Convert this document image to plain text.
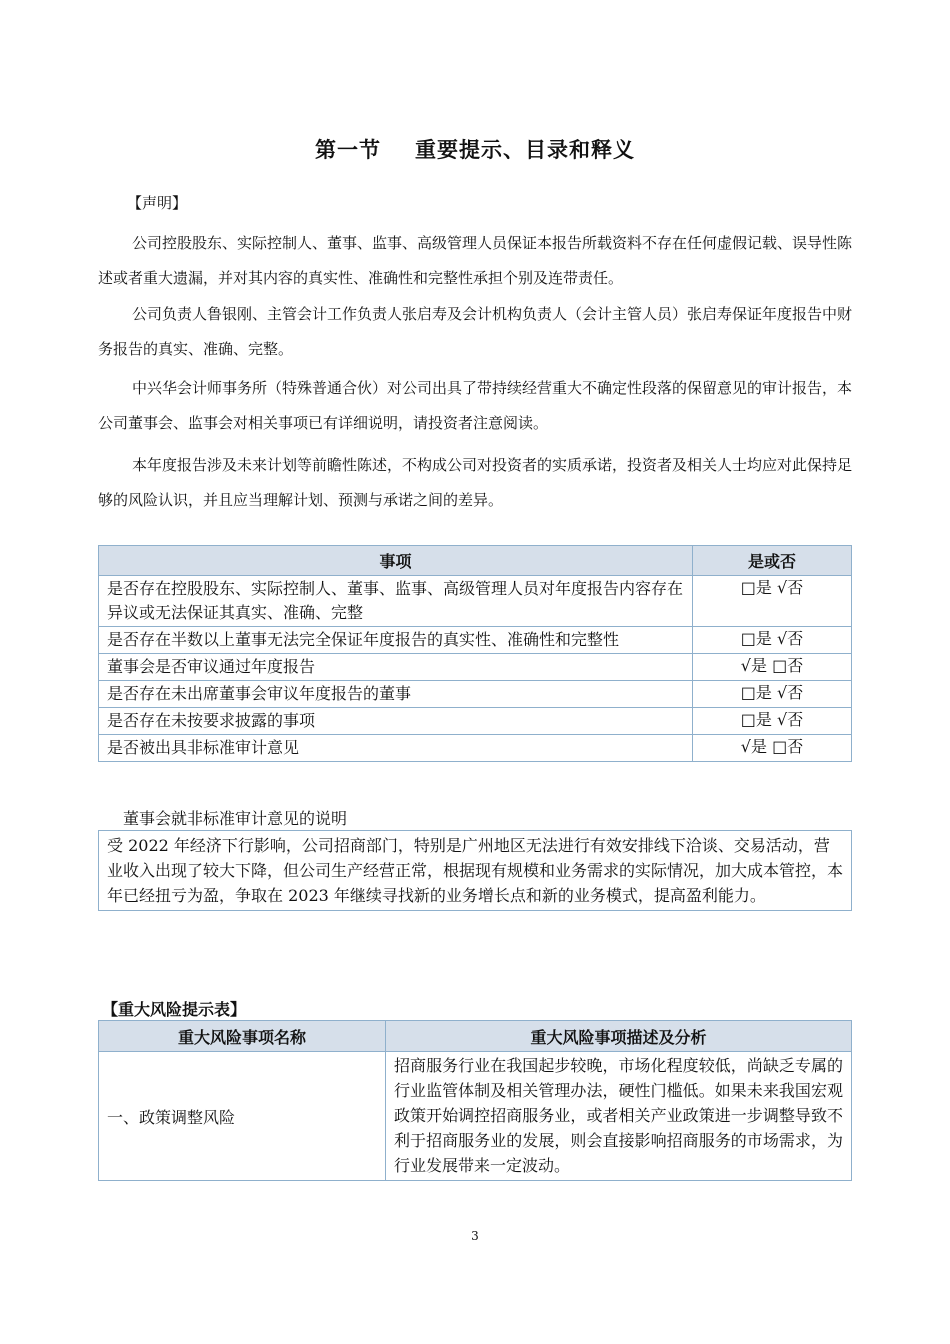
第一节 重要提示、目录和释义
【声明】

公司控股股东、实际控制人、董事、监事、高级管理人员保证本报告所载资料不存在任何虚假记载、误导性陈述或者重大遗漏，并对其内容的真实性、准确性和完整性承担个别及连带责任。

公司负责人鲁银刚、主管会计工作负责人张启寿及会计机构负责人（会计主管人员）张启寿保证年度报告中财务报告的真实、准确、完整。

中兴华会计师事务所（特殊普通合伙）对公司出具了带持续经营重大不确定性段落的保留意见的审计报告，本公司董事会、监事会对相关事项已有详细说明，请投资者注意阅读。

本年度报告涉及未来计划等前瞻性陈述，不构成公司对投资者的实质承诺，投资者及相关人士均应对此保持足够的风险认识，并且应当理解计划、预测与承诺之间的差异。

事项	是或否
是否存在控股股东、实际控制人、董事、监事、高级管理人员对年度报告内容存在异议或无法保证其真实、准确、完整	□是 √否
是否存在半数以上董事无法完全保证年度报告的真实性、准确性和完整性	□是 √否
董事会是否审议通过年度报告	√是 □否
是否存在未出席董事会审议年度报告的董事	□是 √否
是否存在未按要求披露的事项	□是 √否
是否被出具非标准审计意见	√是 □否
董事会就非标准审计意见的说明
受 2022 年经济下行影响，公司招商部门，特别是广州地区无法进行有效安排线下洽谈、交易活动，营业收入出现了较大下降，但公司生产经营正常，根据现有规模和业务需求的实际情况，加大成本管控，本年已经扭亏为盈，争取在 2023 年继续寻找新的业务增长点和新的业务模式，提高盈利能力。
【重大风险提示表】
重大风险事项名称	重大风险事项描述及分析
一、政策调整风险	招商服务行业在我国起步较晚，市场化程度较低，尚缺乏专属的行业监管体制及相关管理办法，硬性门槛低。如果未来我国宏观政策开始调控招商服务业，或者相关产业政策进一步调整导致不利于招商服务业的发展，则会直接影响招商服务的市场需求，为行业发展带来一定波动。
3
